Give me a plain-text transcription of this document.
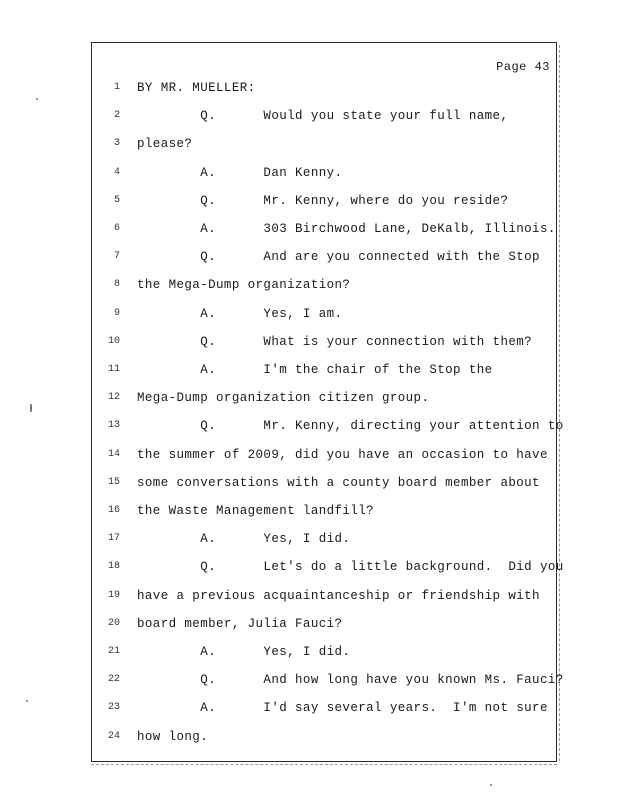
Page 43
1 BY MR. MUELLER:
2 Q.      Would you state your full name,
3 please?
4 A.      Dan Kenny.
5 Q.      Mr. Kenny, where do you reside?
6 A.      303 Birchwood Lane, DeKalb, Illinois.
7 Q.      And are you connected with the Stop
8 the Mega-Dump organization?
9 A.      Yes, I am.
10 Q.      What is your connection with them?
11 A.      I'm the chair of the Stop the
12 Mega-Dump organization citizen group.
13 Q.      Mr. Kenny, directing your attention to
14 the summer of 2009, did you have an occasion to have
15 some conversations with a county board member about
16 the Waste Management landfill?
17 A.      Yes, I did.
18 Q.      Let's do a little background.  Did you
19 have a previous acquaintanceship or friendship with
20 board member, Julia Fauci?
21 A.      Yes, I did.
22 Q.      And how long have you known Ms. Fauci?
23 A.      I'd say several years.  I'm not sure
24 how long.
